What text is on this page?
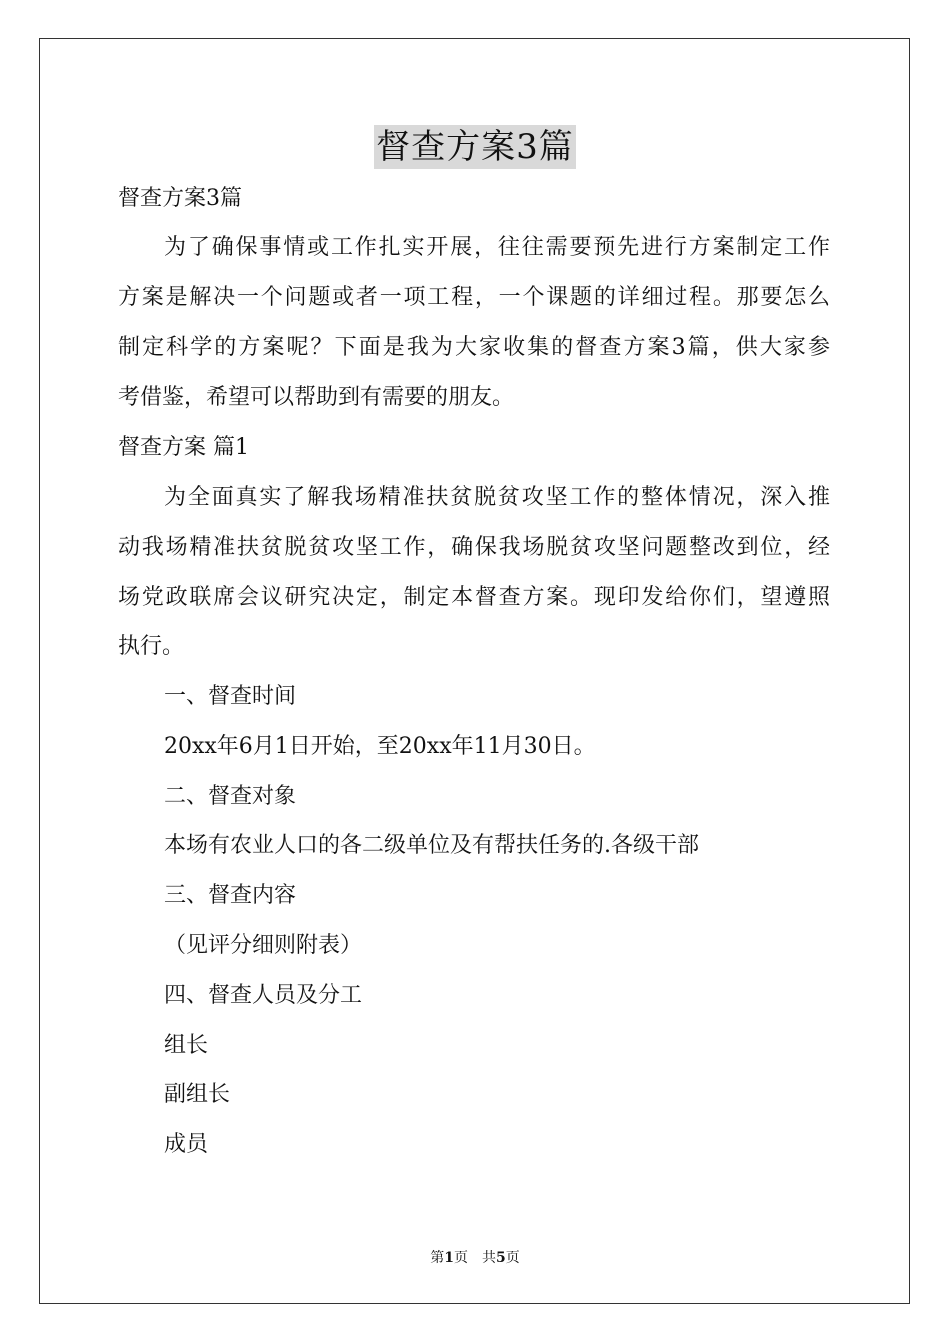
督查方案3篇
督查方案3篇
为了确保事情或工作扎实开展，往往需要预先进行方案制定工作
方案是解决一个问题或者一项工程，一个课题的详细过程。那要怎么
制定科学的方案呢？下面是我为大家收集的督查方案3篇，供大家参
考借鉴，希望可以帮助到有需要的朋友。
督查方案 篇1
为全面真实了解我场精准扶贫脱贫攻坚工作的整体情况，深入推
动我场精准扶贫脱贫攻坚工作，确保我场脱贫攻坚问题整改到位，经
场党政联席会议研究决定，制定本督查方案。现印发给你们，望遵照
执行。
一、督查时间
20xx年6月1日开始，至20xx年11月30日。
二、督查对象
本场有农业人口的各二级单位及有帮扶任务的.各级干部
三、督查内容
（见评分细则附表）
四、督查人员及分工
组长
副组长
成员
第1页　共5页
